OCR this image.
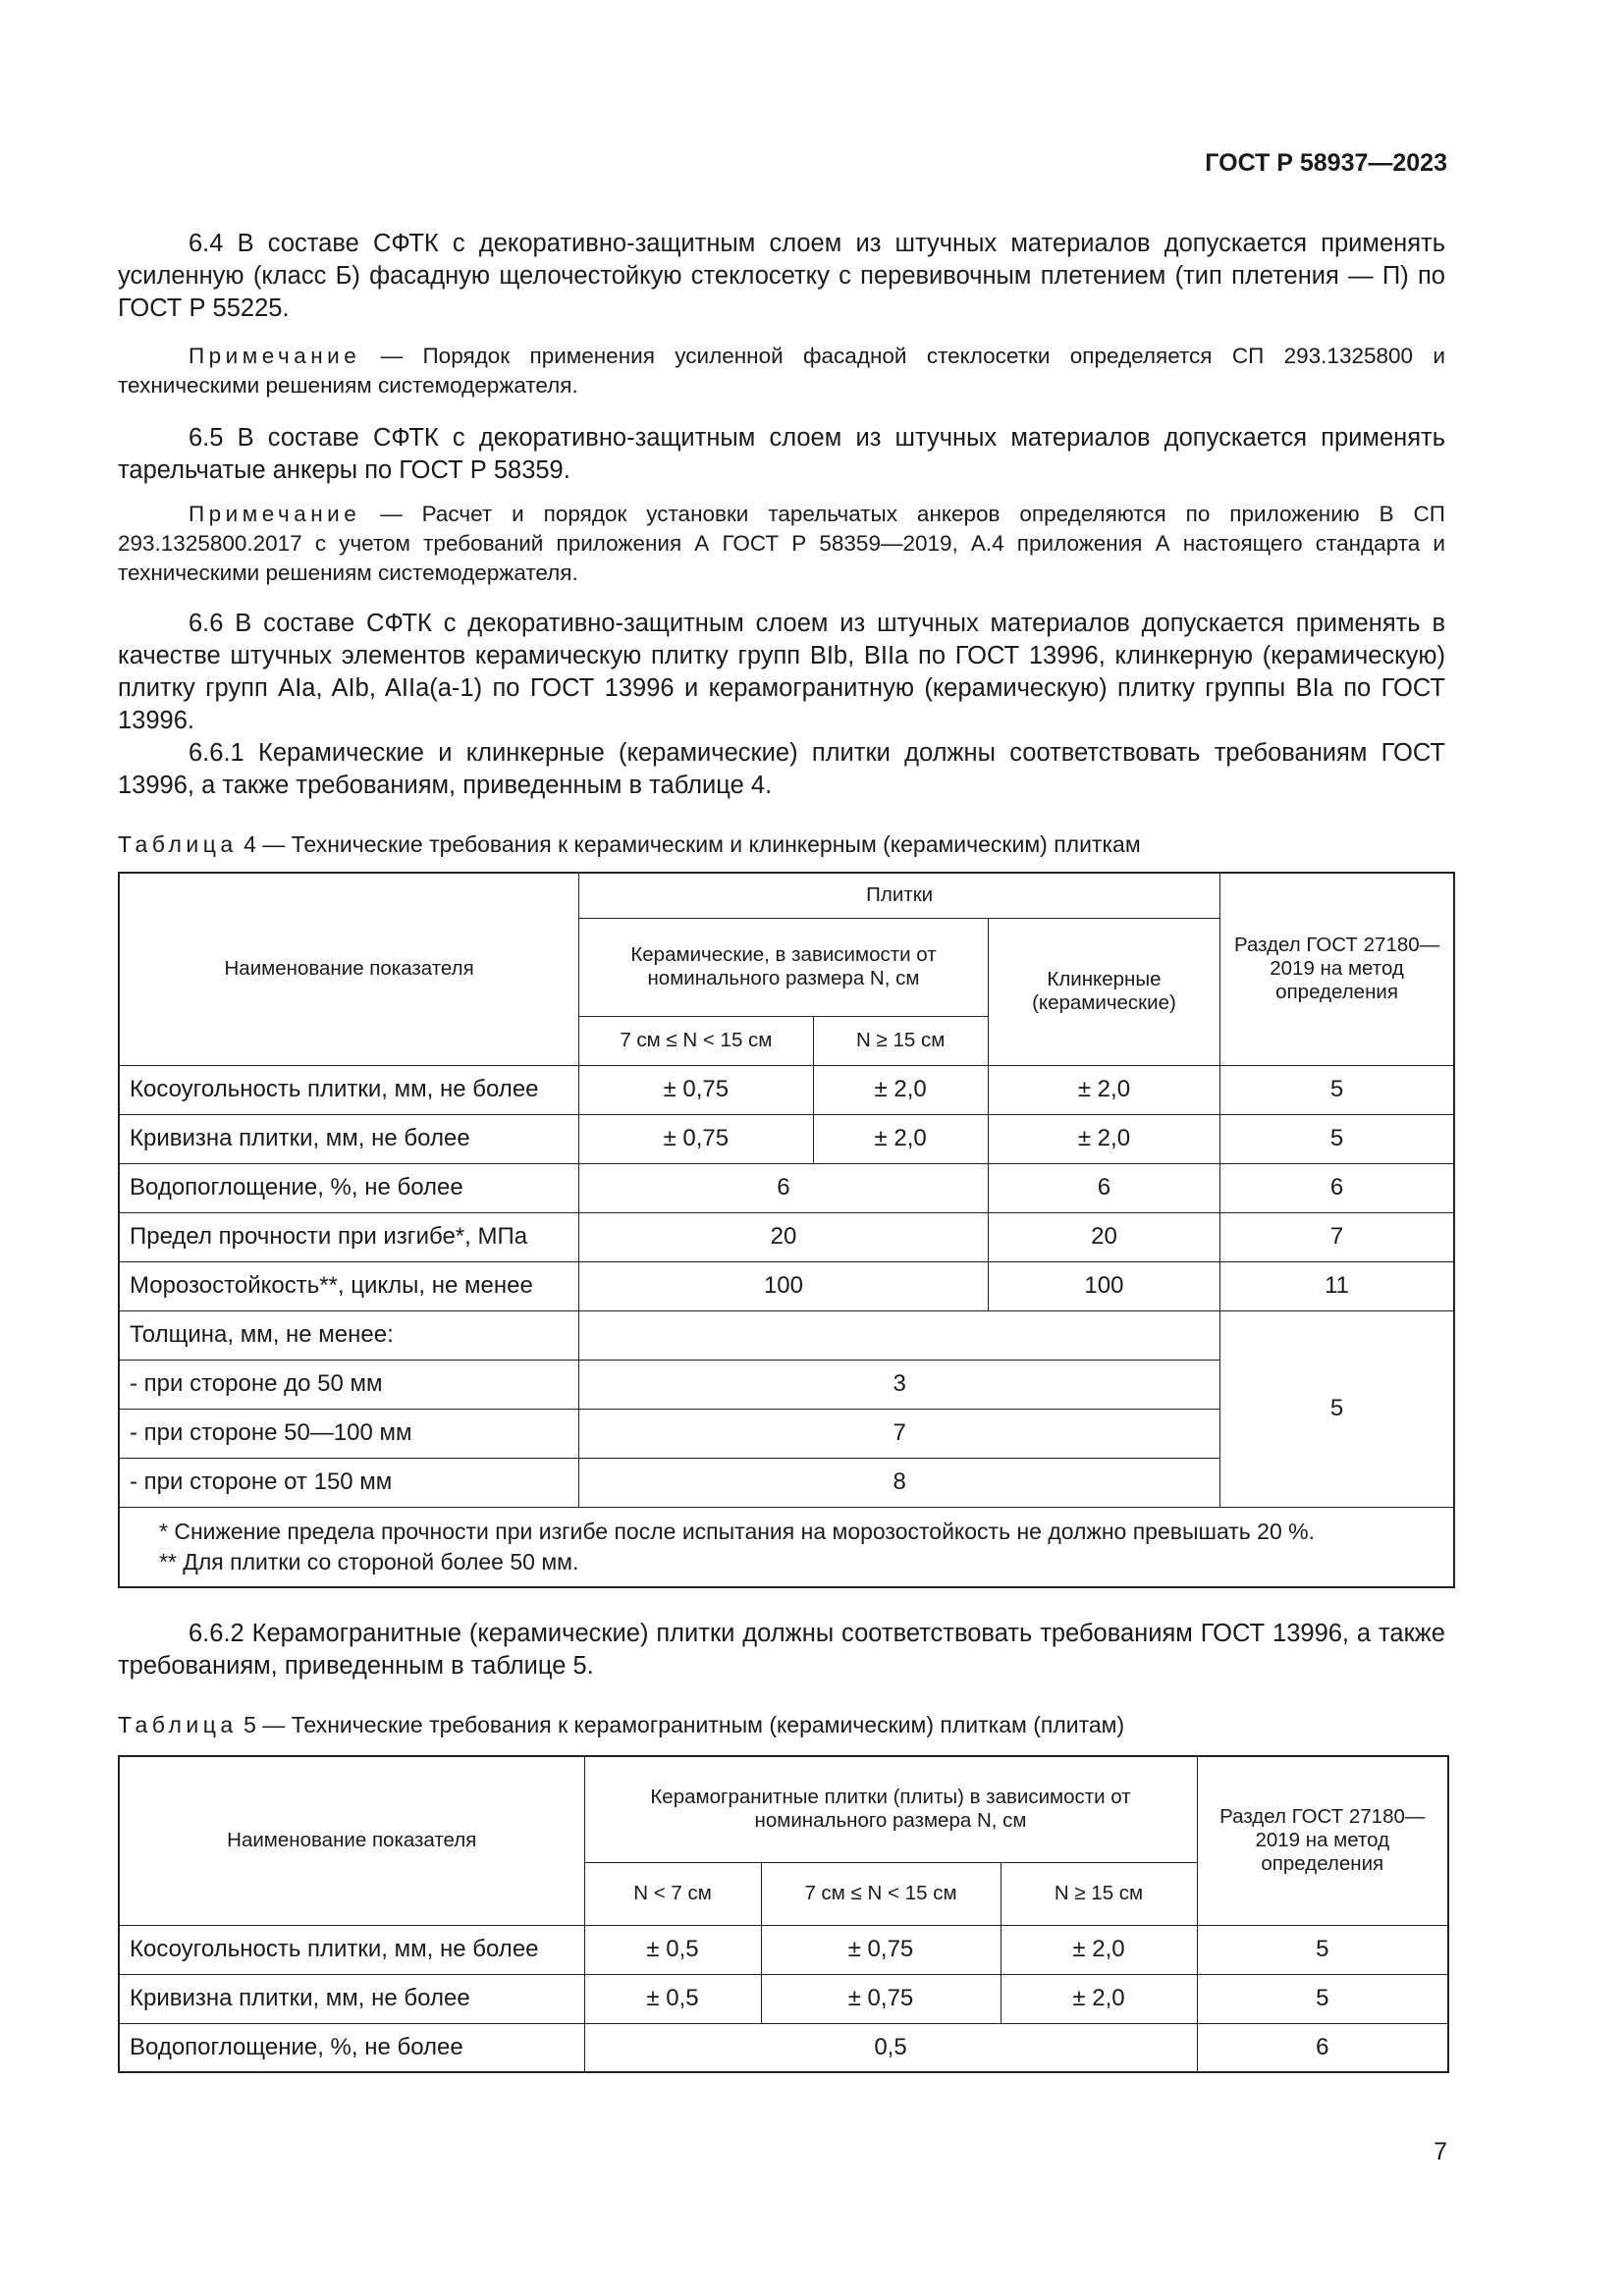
ГОСТ Р 58937—2023
6.4 В составе СФТК с декоративно-защитным слоем из штучных материалов допускается применять усиленную (класс Б) фасадную щелочестойкую стеклосетку с перевивочным плетением (тип плетения — П) по ГОСТ Р 55225.
Примечание — Порядок применения усиленной фасадной стеклосетки определяется СП 293.1325800 и техническими решениям системодержателя.
6.5 В составе СФТК с декоративно-защитным слоем из штучных материалов допускается применять тарельчатые анкеры по ГОСТ Р 58359.
Примечание — Расчет и порядок установки тарельчатых анкеров определяются по приложению В СП 293.1325800.2017 с учетом требований приложения А ГОСТ Р 58359—2019, А.4 приложения А настоящего стандарта и техническими решениям системодержателя.
6.6 В составе СФТК с декоративно-защитным слоем из штучных материалов допускается применять в качестве штучных элементов керамическую плитку групп BIb, BIIa по ГОСТ 13996, клинкерную (керамическую) плитку групп AIa, AIb, AIIa(а-1) по ГОСТ 13996 и керамогранитную (керамическую) плитку группы BIa по ГОСТ 13996.
6.6.1 Керамические и клинкерные (керамические) плитки должны соответствовать требованиям ГОСТ 13996, а также требованиям, приведенным в таблице 4.
Таблица 4 — Технические требования к керамическим и клинкерным (керамическим) плиткам
Наименование показателя	Плитки			Раздел ГОСТ 27180—2019 на метод определения
	Керамические, в зависимости от номинального размера N, см		Клинкерные (керамические)	
	7 см ≤ N < 15 см	N ≥ 15 см		
Косоугольность плитки, мм, не более	± 0,75	± 2,0	± 2,0	5
Кривизна плитки, мм, не более	± 0,75	± 2,0	± 2,0	5
Водопоглощение, %, не более	6		6	6
Предел прочности при изгибе*, МПа	20		20	7
Морозостойкость**, циклы, не менее	100		100	11
Толщина, мм, не менее:				5
- при стороне до 50 мм	3			
- при стороне 50—100 мм	7			
- при стороне от 150 мм	8			

* Снижение предела прочности при изгибе после испытания на морозостойкость не должно превышать 20 %.
** Для плитки со стороной более 50 мм.				
6.6.2 Керамогранитные (керамические) плитки должны соответствовать требованиям ГОСТ 13996, а также требованиям, приведенным в таблице 5.
Таблица 5 — Технические требования к керамогранитным (керамическим) плиткам (плитам)
Наименование показателя	Керамогранитные плитки (плиты) в зависимости от номинального размера N, см			Раздел ГОСТ 27180—2019 на метод определения
	N < 7 см	7 см ≤ N < 15 см	N ≥ 15 см	
Косоугольность плитки, мм, не более	± 0,5	± 0,75	± 2,0	5
Кривизна плитки, мм, не более	± 0,5	± 0,75	± 2,0	5
Водопоглощение, %, не более	0,5			6
7
